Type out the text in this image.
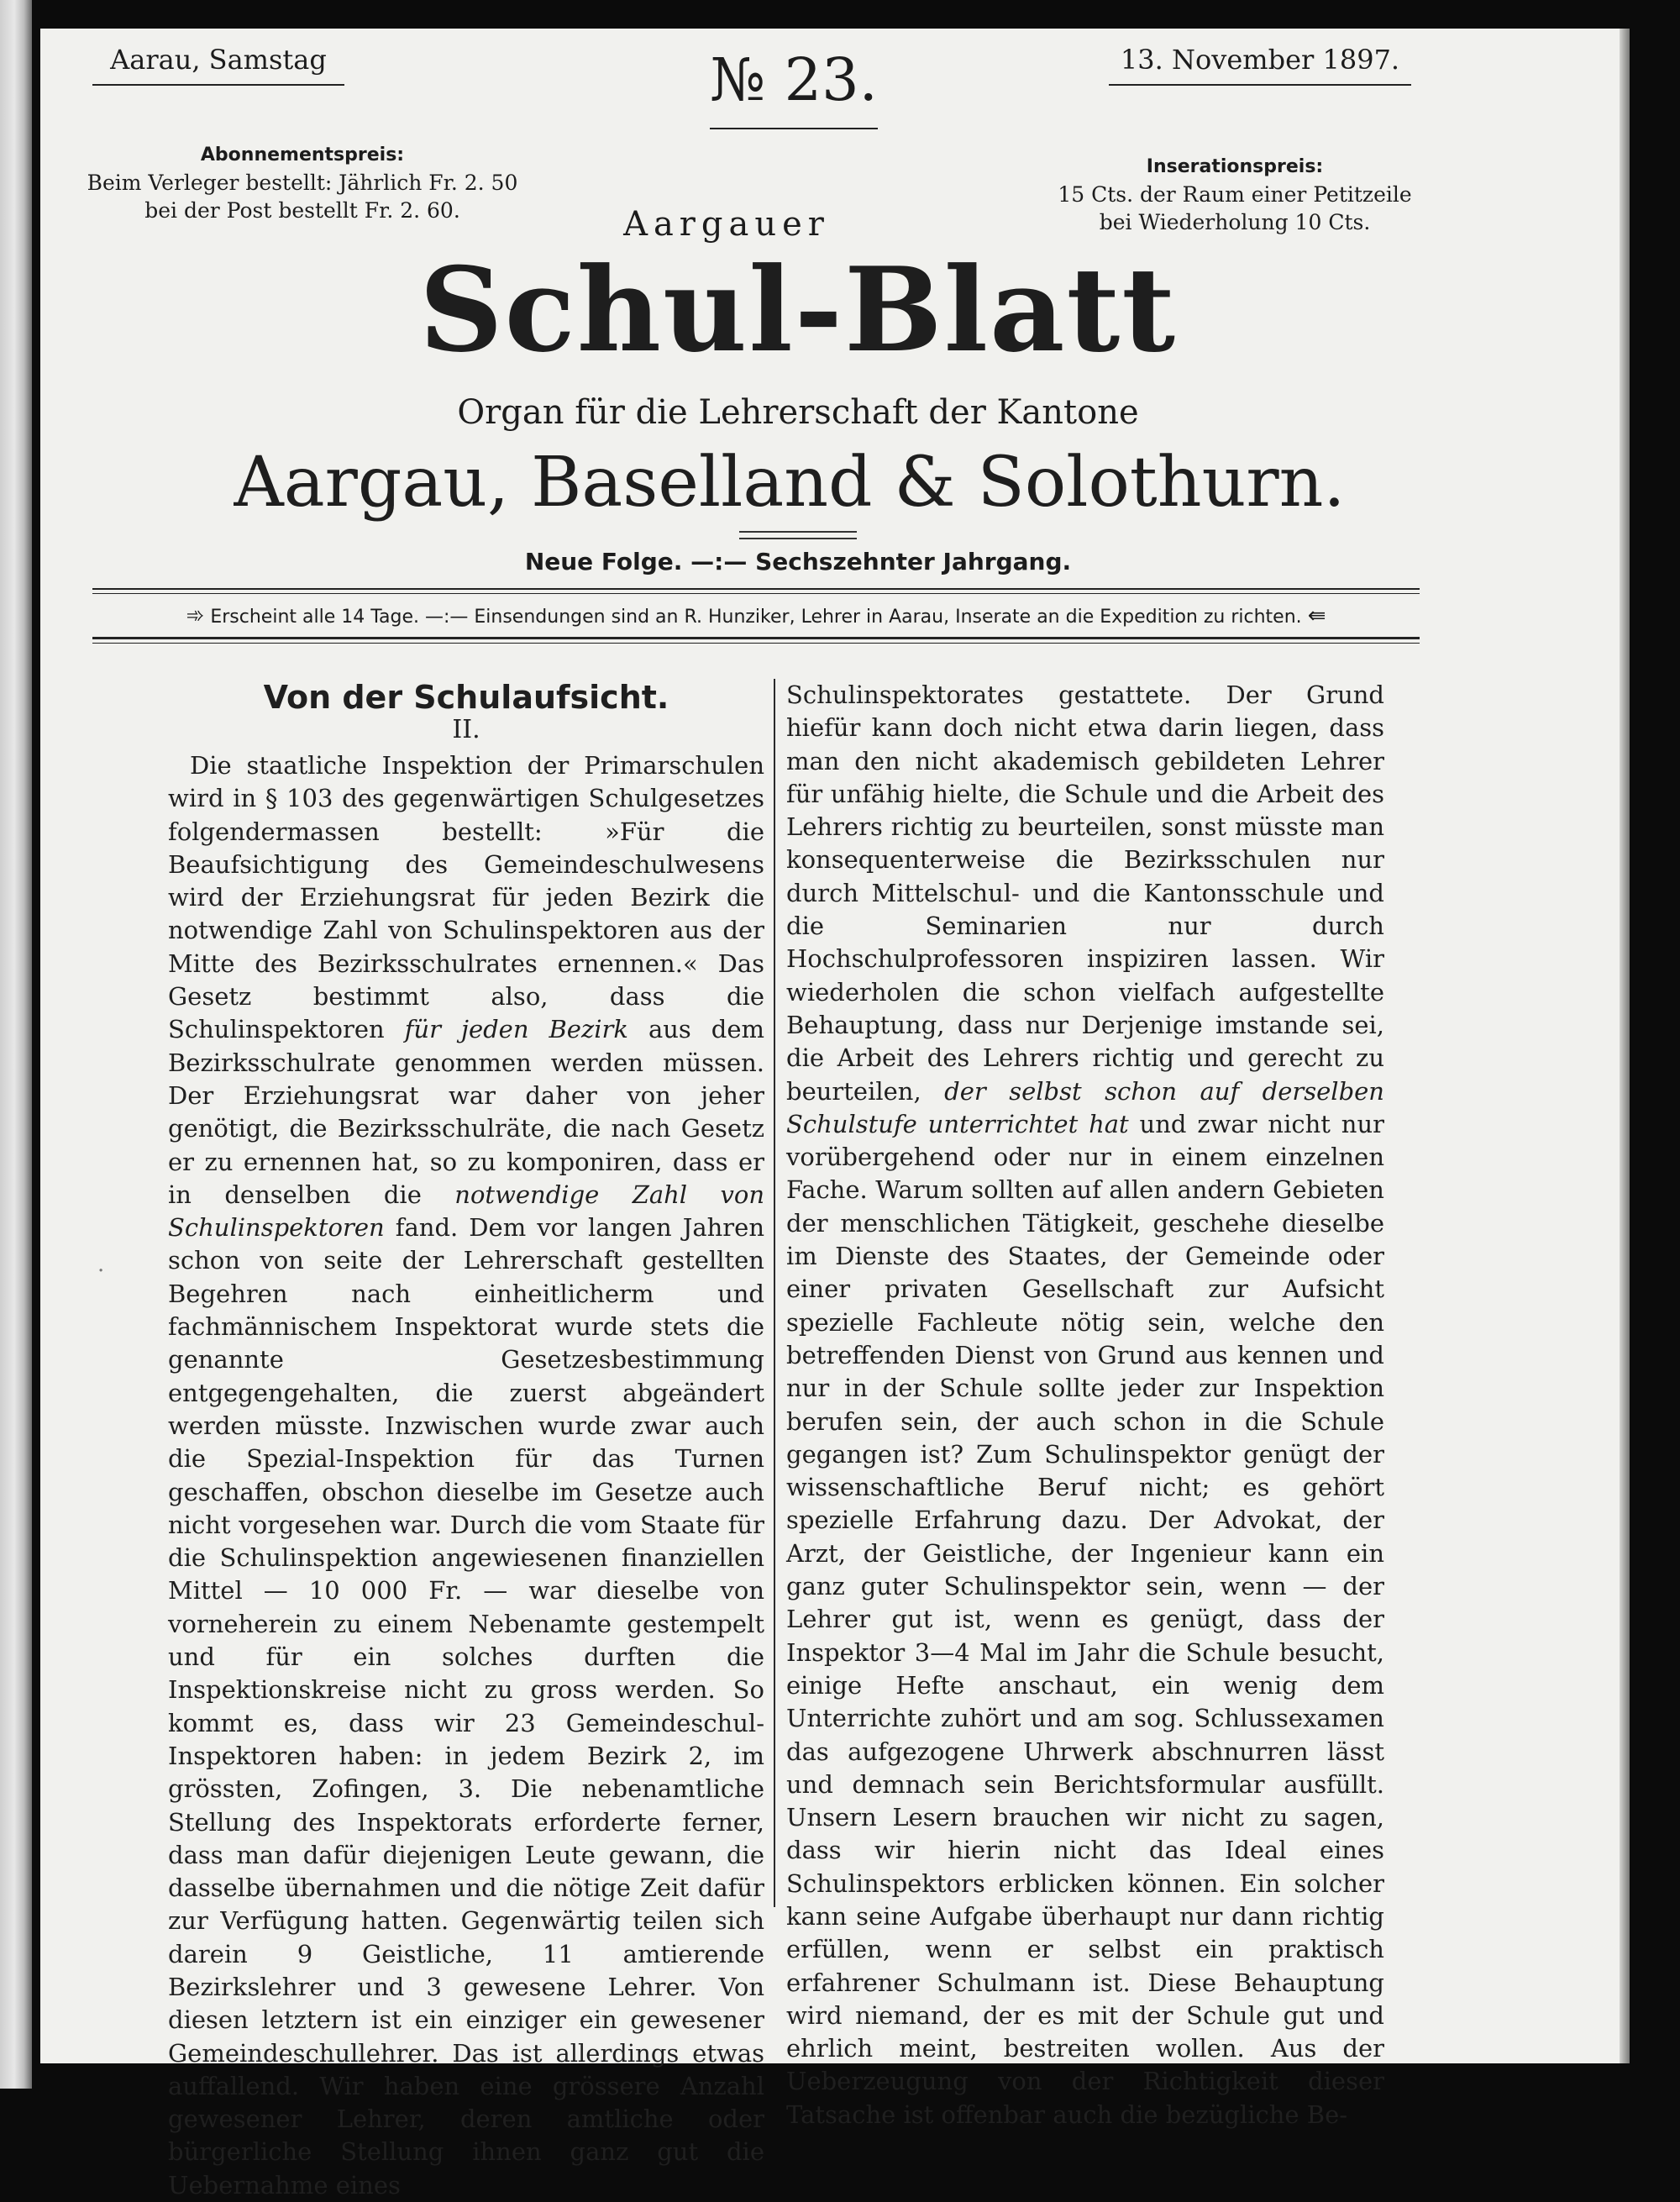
Aarau, Samstag	№ 23.	13. November 1897.
Abonnementspreis:
Beim Verleger bestellt: Jährlich Fr. 2. 50
bei der Post bestellt Fr. 2. 60.
Inserationspreis:
15 Cts. der Raum einer Petitzeile
bei Wiederholung 10 Cts.
Aargauer
Schul-Blatt
Organ für die Lehrerschaft der Kantone
Aargau, Baselland & Solothurn.
Neue Folge. —:— Sechszehnter Jahrgang.
➾ Erscheint alle 14 Tage. —:— Einsendungen sind an R. Hunziker, Lehrer in Aarau, Inserate an die Expedition zu richten. ⇚
Von der Schulaufsicht.
II.

Die staatliche Inspektion der Primarschulen wird in § 103 des gegenwärtigen Schulgesetzes folgendermassen bestellt: »Für die Beaufsichtigung des Gemeindeschulwesens wird der Erziehungsrat für jeden Bezirk die notwendige Zahl von Schulinspektoren aus der Mitte des Bezirksschulrates ernennen.« Das Gesetz bestimmt also, dass die Schulinspektoren für jeden Bezirk aus dem Bezirksschulrate genommen werden müssen. Der Erziehungsrat war daher von jeher genötigt, die Bezirksschulräte, die nach Gesetz er zu ernennen hat, so zu komponiren, dass er in denselben die notwendige Zahl von Schulinspektoren fand. Dem vor langen Jahren schon von seite der Lehrerschaft gestellten Begehren nach einheitlicherm und fachmännischem Inspektorat wurde stets die genannte Gesetzesbestimmung entgegengehalten, die zuerst abgeändert werden müsste. Inzwischen wurde zwar auch die Spezial-Inspektion für das Turnen geschaffen, obschon dieselbe im Gesetze auch nicht vorgesehen war. Durch die vom Staate für die Schulinspektion angewiesenen finanziellen Mittel — 10 000 Fr. — war dieselbe von vorneherein zu einem Nebenamte gestempelt und für ein solches durften die Inspektionskreise nicht zu gross werden. So kommt es, dass wir 23 Gemeindeschul-Inspektoren haben: in jedem Bezirk 2, im grössten, Zofingen, 3. Die nebenamtliche Stellung des Inspektorats erforderte ferner, dass man dafür diejenigen Leute gewann, die dasselbe übernahmen und die nötige Zeit dafür zur Verfügung hatten. Gegenwärtig teilen sich darein 9 Geistliche, 11 amtierende Bezirkslehrer und 3 gewesene Lehrer. Von diesen letztern ist ein einziger ein gewesener Gemeindeschullehrer. Das ist allerdings etwas auffallend. Wir haben eine grössere Anzahl gewesener Lehrer, deren amtliche oder bürgerliche Stellung ihnen ganz gut die Uebernahme eines

Schulinspektorates gestattete. Der Grund hiefür kann doch nicht etwa darin liegen, dass man den nicht akademisch gebildeten Lehrer für unfähig hielte, die Schule und die Arbeit des Lehrers richtig zu beurteilen, sonst müsste man konsequenterweise die Bezirksschulen nur durch Mittelschul- und die Kantonsschule und die Seminarien nur durch Hochschulprofessoren inspiziren lassen. Wir wiederholen die schon vielfach aufgestellte Behauptung, dass nur Derjenige imstande sei, die Arbeit des Lehrers richtig und gerecht zu beurteilen, der selbst schon auf derselben Schulstufe unterrichtet hat und zwar nicht nur vorübergehend oder nur in einem einzelnen Fache. Warum sollten auf allen andern Gebieten der menschlichen Tätigkeit, geschehe dieselbe im Dienste des Staates, der Gemeinde oder einer privaten Gesellschaft zur Aufsicht spezielle Fachleute nötig sein, welche den betreffenden Dienst von Grund aus kennen und nur in der Schule sollte jeder zur Inspektion berufen sein, der auch schon in die Schule gegangen ist? Zum Schulinspektor genügt der wissenschaftliche Beruf nicht; es gehört spezielle Erfahrung dazu. Der Advokat, der Arzt, der Geistliche, der Ingenieur kann ein ganz guter Schulinspektor sein, wenn — der Lehrer gut ist, wenn es genügt, dass der Inspektor 3—4 Mal im Jahr die Schule besucht, einige Hefte anschaut, ein wenig dem Unterrichte zuhört und am sog. Schlussexamen das aufgezogene Uhrwerk abschnurren lässt und demnach sein Berichtsformular ausfüllt. Unsern Lesern brauchen wir nicht zu sagen, dass wir hierin nicht das Ideal eines Schulinspektors erblicken können. Ein solcher kann seine Aufgabe überhaupt nur dann richtig erfüllen, wenn er selbst ein praktisch erfahrener Schulmann ist. Diese Behauptung wird niemand, der es mit der Schule gut und ehrlich meint, bestreiten wollen. Aus der Ueberzeugung von der Richtigkeit dieser Tatsache ist offenbar auch die bezügliche Be-

·
